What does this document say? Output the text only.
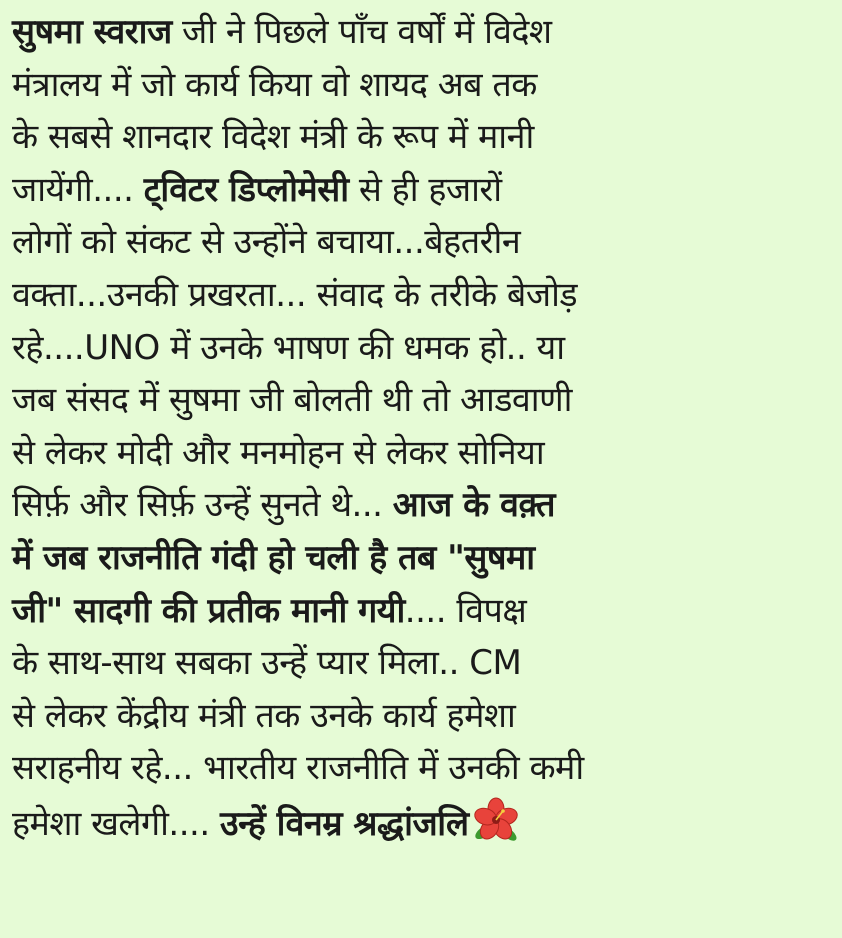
सुषमा स्वराज जी ने पिछले पाँच वर्षों में विदेश
मंत्रालय में जो कार्य किया वो शायद अब तक
के सबसे शानदार विदेश मंत्री के रूप में मानी
जायेंगी.... ट्विटर डिप्लोमेसी से ही हजारों
लोगों को संकट से उन्होंने बचाया...बेहतरीन
वक्ता...उनकी प्रखरता... संवाद के तरीके बेजोड़
रहे....UNO में उनके भाषण की धमक हो.. या
जब संसद में सुषमा जी बोलती थी तो आडवाणी
से लेकर मोदी और मनमोहन से लेकर सोनिया
सिर्फ़ और सिर्फ़ उन्हें सुनते थे... आज के वक़्त
में जब राजनीति गंदी हो चली है तब "सुषमा
जी" सादगी की प्रतीक मानी गयी.... विपक्ष
के साथ-साथ सबका उन्हें प्यार मिला.. CM
से लेकर केंद्रीय मंत्री तक उनके कार्य हमेशा
सराहनीय रहे... भारतीय राजनीति में उनकी कमी
हमेशा खलेगी.... उन्हें विनम्र श्रद्धांजलि
